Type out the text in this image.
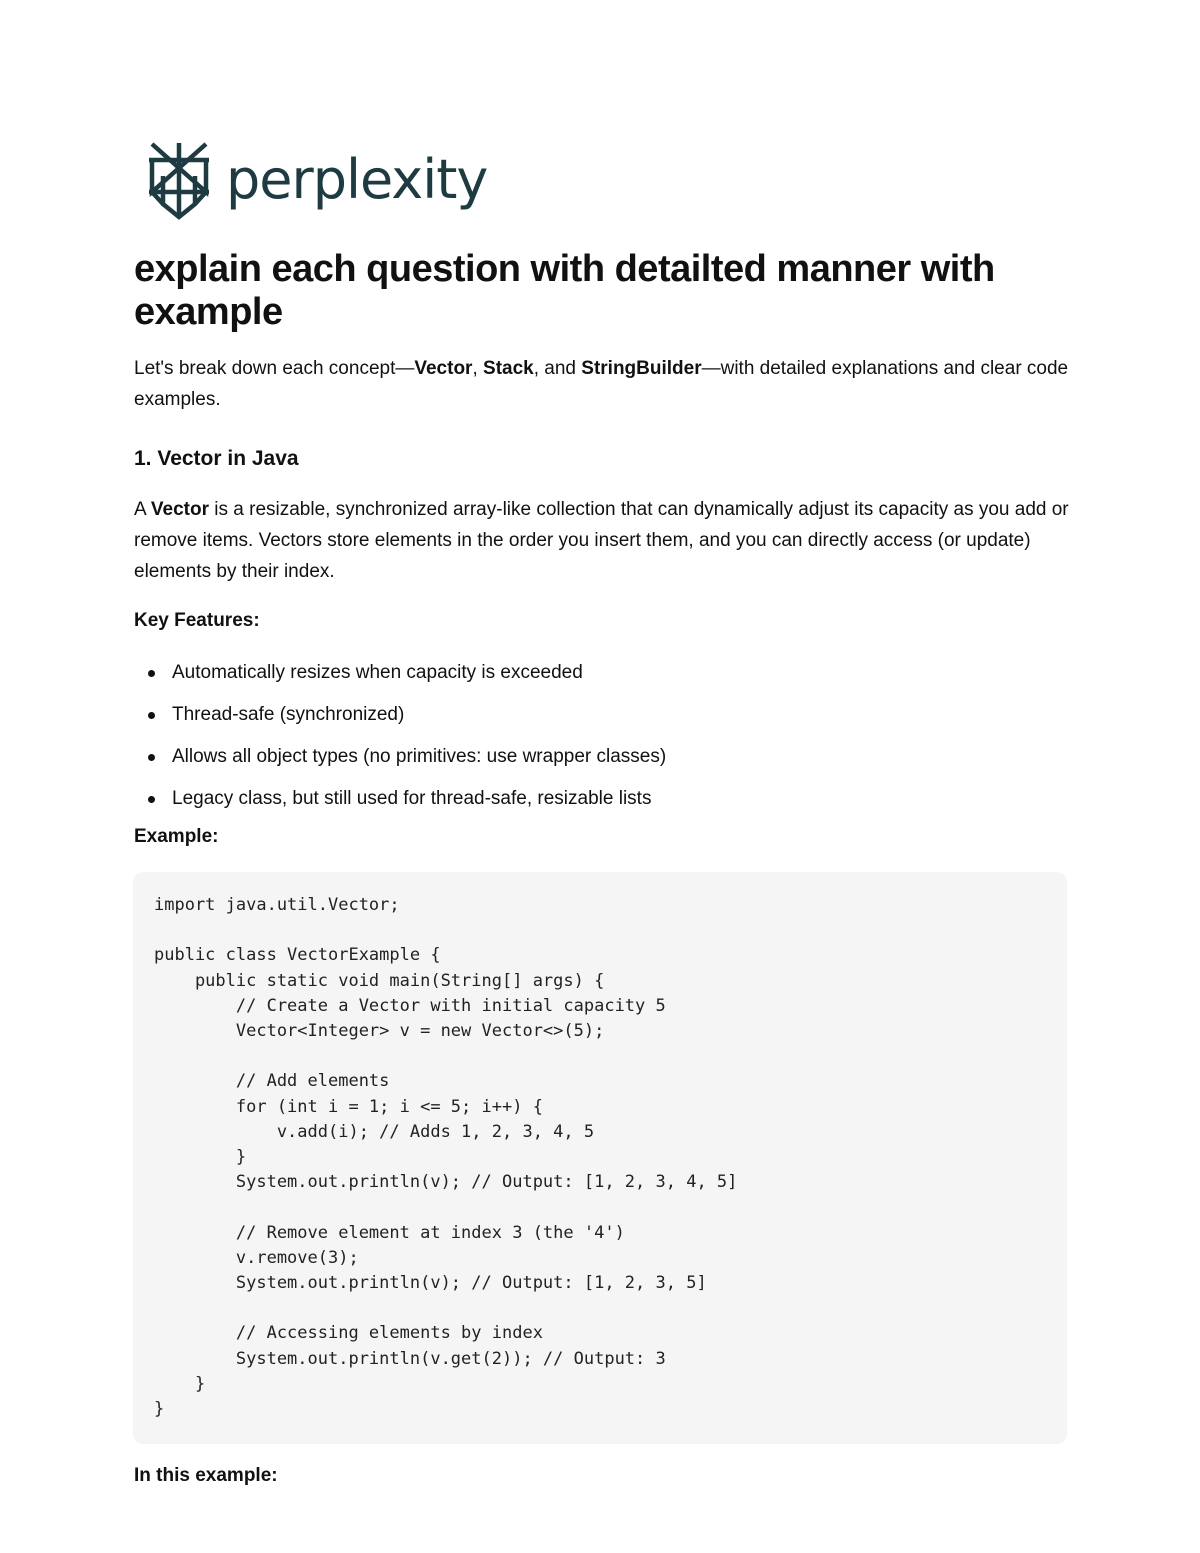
perplexity
explain each question with detailted manner with example

Let's break down each concept—Vector, Stack, and StringBuilder—with detailed explanations and clear code examples.

1. Vector in Java

A Vector is a resizable, synchronized array-like collection that can dynamically adjust its capacity as you add or remove items. Vectors store elements in the order you insert them, and you can directly access (or update) elements by their index.

Key Features:
Automatically resizes when capacity is exceeded
Thread-safe (synchronized)
Allows all object types (no primitives: use wrapper classes)
Legacy class, but still used for thread-safe, resizable lists
Example:
import java.util.Vector;

public class VectorExample {
public static void main(String[] args) {
// Create a Vector with initial capacity 5
Vector<Integer> v = new Vector<>(5);

// Add elements
for (int i = 1; i <= 5; i++) {
v.add(i); // Adds 1, 2, 3, 4, 5
}
System.out.println(v); // Output: [1, 2, 3, 4, 5]

// Remove element at index 3 (the '4')
v.remove(3);
System.out.println(v); // Output: [1, 2, 3, 5]

// Accessing elements by index
System.out.println(v.get(2)); // Output: 3
}
}
In this example:
